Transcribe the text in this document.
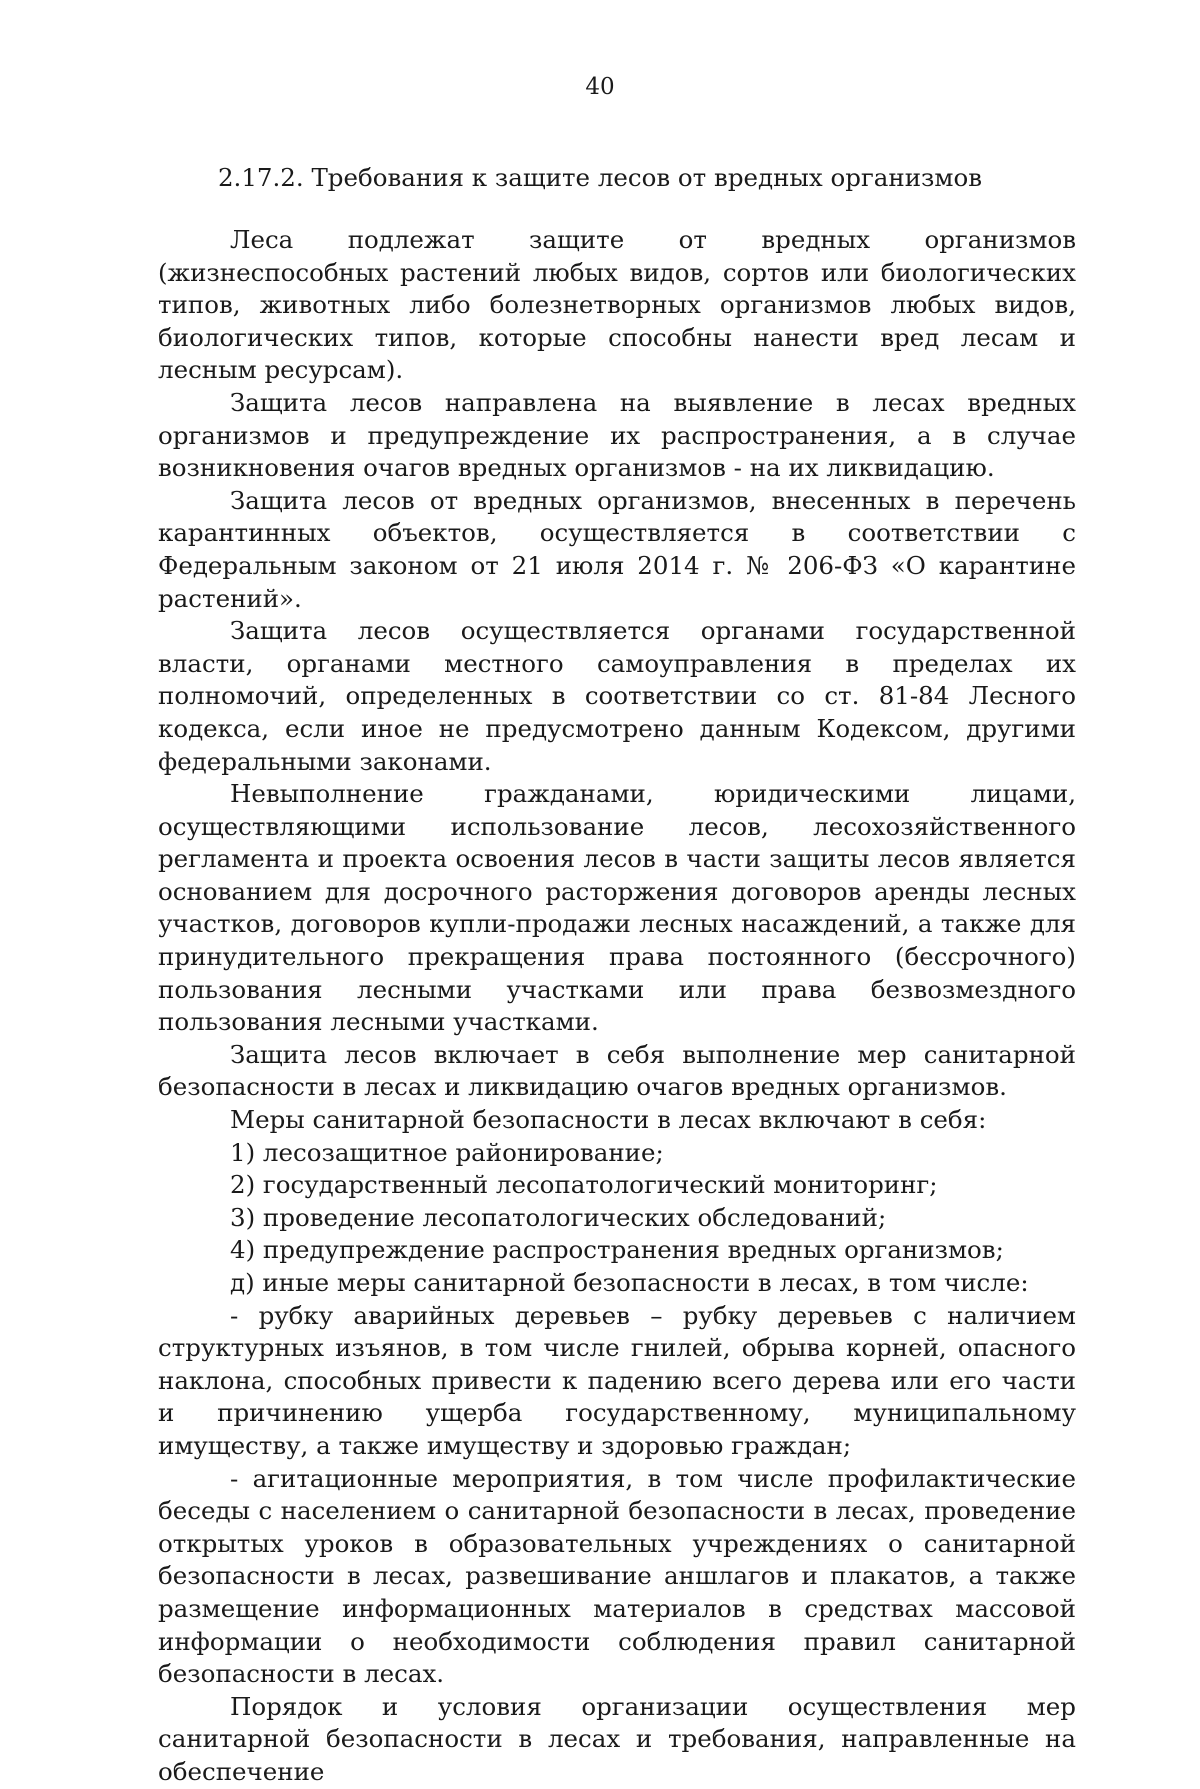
40
2.17.2. Требования к защите лесов от вредных организмов

Леса подлежат защите от вредных организмов (жизнеспособных растений любых видов, сортов или биологических типов, животных либо болезнетворных организмов любых видов, биологических типов, которые способны нанести вред лесам и лесным ресурсам).

Защита лесов направлена на выявление в лесах вредных организмов и предупреждение их распространения, а в случае возникновения очагов вредных организмов - на их ликвидацию.

Защита лесов от вредных организмов, внесенных в перечень карантинных объектов, осуществляется в соответствии с Федеральным законом от 21 июля 2014 г. № 206-ФЗ «О карантине растений».

Защита лесов осуществляется органами государственной власти, органами местного самоуправления в пределах их полномочий, определенных в соответствии со ст. 81-84 Лесного кодекса, если иное не предусмотрено данным Кодексом, другими федеральными законами.

Невыполнение гражданами, юридическими лицами, осуществляющими использование лесов, лесохозяйственного регламента и проекта освоения лесов в части защиты лесов является основанием для досрочного расторжения договоров аренды лесных участков, договоров купли-продажи лесных насаждений, а также для принудительного прекращения права постоянного (бессрочного) пользования лесными участками или права безвозмездного пользования лесными участками.

Защита лесов включает в себя выполнение мер санитарной безопасности в лесах и ликвидацию очагов вредных организмов.

Меры санитарной безопасности в лесах включают в себя:

1) лесозащитное районирование;

2) государственный лесопатологический мониторинг;

3) проведение лесопатологических обследований;

4) предупреждение распространения вредных организмов;

д) иные меры санитарной безопасности в лесах, в том числе:

- рубку аварийных деревьев – рубку деревьев с наличием структурных изъянов, в том числе гнилей, обрыва корней, опасного наклона, способных привести к падению всего дерева или его части и причинению ущерба государственному, муниципальному имуществу, а также имуществу и здоровью граждан;

- агитационные мероприятия, в том числе профилактические беседы с населением о санитарной безопасности в лесах, проведение открытых уроков в образовательных учреждениях о санитарной безопасности в лесах, развешивание аншлагов и плакатов, а также размещение информационных материалов в средствах массовой информации о необходимости соблюдения правил санитарной безопасности в лесах.

Порядок и условия организации осуществления мер санитарной безопасности в лесах и требования, направленные на обеспечение
